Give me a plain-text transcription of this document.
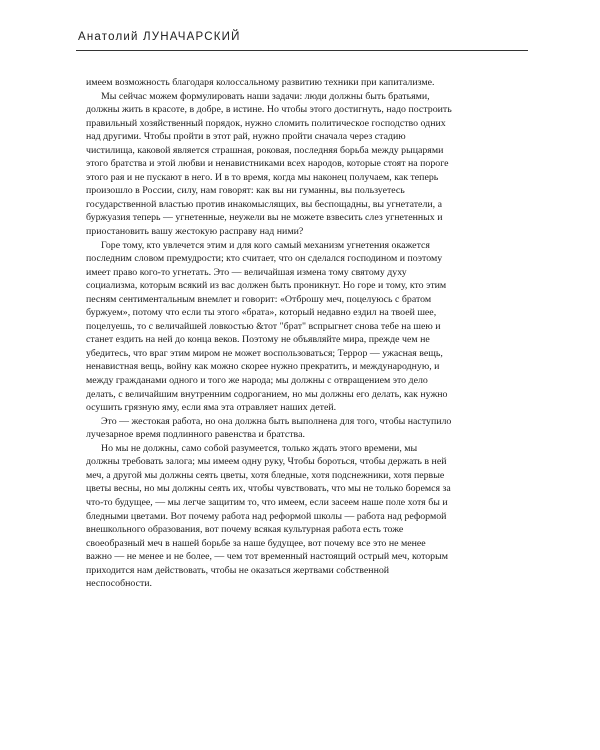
Анатолий ЛУНАЧАРСКИЙ
имеем возможность благодаря колоссальному развитию техники при капитализме.
Мы сейчас можем формулировать наши задачи: люди должны быть братьями,
должны жить в красоте, в добре, в истине. Но чтобы этого достигнуть, надо построить
правильный хозяйственный порядок, нужно сломить политическое господство одних
над другими. Чтобы пройти в этот рай, нужно пройти сначала через стадию
чистилища, каковой является страшная, роковая, последняя борьба между рыцарями
этого братства и этой любви и ненавистниками всех народов, которые стоят на пороге
этого рая и не пускают в него. И в то время, когда мы наконец получаем, как теперь
произошло в России, силу, нам говорят: как вы ни гуманны, вы пользуетесь
государственной властью против инакомыслящих, вы беспощадны, вы угнетатели, а
буржуазия теперь — угнетенные, неужели вы не можете взвесить слез угнетенных и
приостановить вашу жестокую расправу над ними?
Горе тому, кто увлечется этим и для кого самый механизм угнетения окажется
последним словом премудрости; кто считает, что он сделался господином и поэтому
имеет право кого-то угнетать. Это — величайшая измена тому святому духу
социализма, которым всякий из вас должен быть проникнут. Но горе и тому, кто этим
песням сентиментальным внемлет и говорит: «Отброшу меч, поцелуюсь с братом
буржуем», потому что если ты этого «брата», который недавно ездил на твоей шее,
поцелуешь, то с величайшей ловкостью &тот "брат" вспрыгнет снова тебе на шею и
станет ездить на ней до конца веков. Поэтому не объявляйте мира, прежде чем не
убедитесь, что враг этим миром не может воспользоваться; Террор — ужасная вещь,
ненавистная вещь, войну как можно скорее нужно прекратить, и международную, и
между гражданами одного и того же народа; мы должны с отвращением это дело
делать, с величайшим внутренним содроганием, но мы должны его делать, как нужно
осушить грязную яму, если яма эта отравляет наших детей.
Это — жестокая работа, но она должна быть выполнена для того, чтобы наступило
лучезарное время подлинного равенства и братства.
Но мы не должны, само собой разумеется, только ждать этого времени, мы
должны требовать залога; мы имеем одну руку, Чтобы бороться, чтобы держать в ней
меч, а другой мы должны сеять цветы, хотя бледные, хотя подснежники, хотя первые
цветы весны, но мы должны сеять их, чтобы чувствовать, что мы не только боремся за
что-то будущее, — мы легче защитим то, что имеем, если засеем наше поле хотя бы и
бледными цветами. Вот почему работа над реформой школы — работа над реформой
внешкольного образования, вот почему всякая культурная работа есть тоже
своеобразный меч в нашей борьбе за наше будущее, вот почему все это не менее
важно — не менее и не более, — чем тот временный настоящий острый меч, которым
приходится нам действовать, чтобы не оказаться жертвами собственной
неспособности.
